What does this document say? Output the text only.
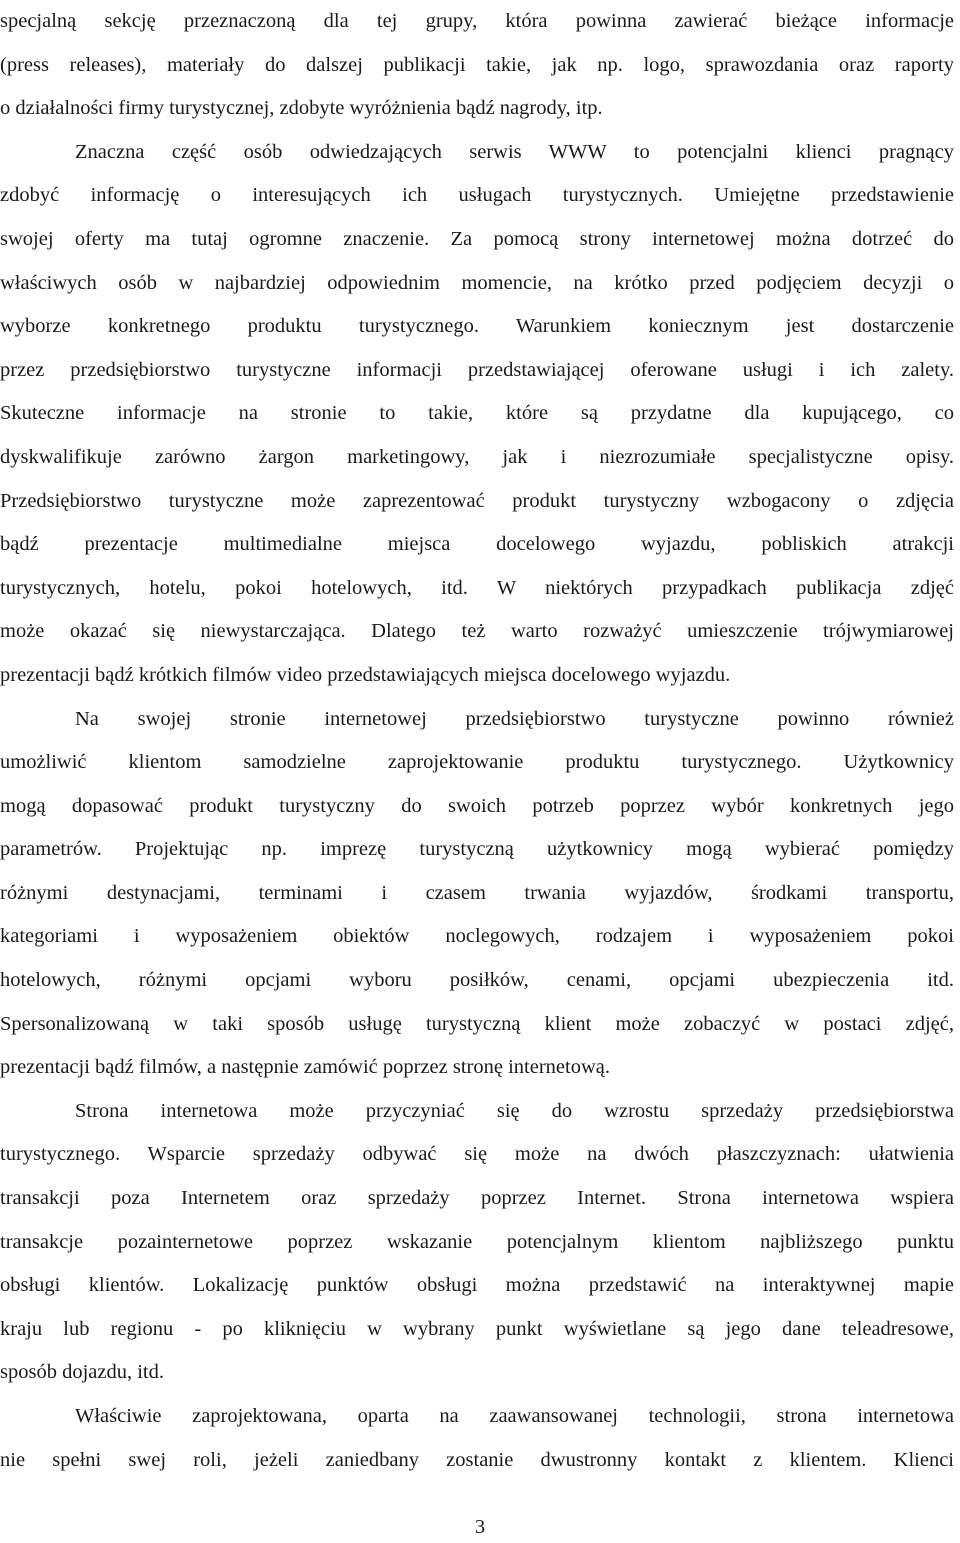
specjalną sekcję przeznaczoną dla tej grupy, która powinna zawierać bieżące informacje
(press releases), materiały do dalszej publikacji takie, jak np. logo, sprawozdania oraz raporty
o działalności firmy turystycznej, zdobyte wyróżnienia bądź nagrody, itp.
Znaczna część osób odwiedzających serwis WWW to potencjalni klienci pragnący
zdobyć informację o interesujących ich usługach turystycznych. Umiejętne przedstawienie
swojej oferty ma tutaj ogromne znaczenie. Za pomocą strony internetowej można dotrzeć do
właściwych osób w najbardziej odpowiednim momencie, na krótko przed podjęciem decyzji o
wyborze konkretnego produktu turystycznego. Warunkiem koniecznym jest dostarczenie
przez przedsiębiorstwo turystyczne informacji przedstawiającej oferowane usługi i ich zalety.
Skuteczne informacje na stronie to takie, które są przydatne dla kupującego, co
dyskwalifikuje zarówno żargon marketingowy, jak i niezrozumiałe specjalistyczne opisy.
Przedsiębiorstwo turystyczne może zaprezentować produkt turystyczny wzbogacony o zdjęcia
bądź prezentacje multimedialne miejsca docelowego wyjazdu, pobliskich atrakcji
turystycznych, hotelu, pokoi hotelowych, itd. W niektórych przypadkach publikacja zdjęć
może okazać się niewystarczająca. Dlatego też warto rozważyć umieszczenie trójwymiarowej
prezentacji bądź krótkich filmów video przedstawiających miejsca docelowego wyjazdu.
Na swojej stronie internetowej przedsiębiorstwo turystyczne powinno również
umożliwić klientom samodzielne zaprojektowanie produktu turystycznego. Użytkownicy
mogą dopasować produkt turystyczny do swoich potrzeb poprzez wybór konkretnych jego
parametrów. Projektując np. imprezę turystyczną użytkownicy mogą wybierać pomiędzy
różnymi destynacjami, terminami i czasem trwania wyjazdów, środkami transportu,
kategoriami i wyposażeniem obiektów noclegowych, rodzajem i wyposażeniem pokoi
hotelowych, różnymi opcjami wyboru posiłków, cenami, opcjami ubezpieczenia itd.
Spersonalizowaną w taki sposób usługę turystyczną klient może zobaczyć w postaci zdjęć,
prezentacji bądź filmów, a następnie zamówić poprzez stronę internetową.
Strona internetowa może przyczyniać się do wzrostu sprzedaży przedsiębiorstwa
turystycznego. Wsparcie sprzedaży odbywać się może na dwóch płaszczyznach: ułatwienia
transakcji poza Internetem oraz sprzedaży poprzez Internet. Strona internetowa wspiera
transakcje pozainternetowe poprzez wskazanie potencjalnym klientom najbliższego punktu
obsługi klientów. Lokalizację punktów obsługi można przedstawić na interaktywnej mapie
kraju lub regionu - po kliknięciu w wybrany punkt wyświetlane są jego dane teleadresowe,
sposób dojazdu, itd.
Właściwie zaprojektowana, oparta na zaawansowanej technologii, strona internetowa
nie spełni swej roli, jeżeli zaniedbany zostanie dwustronny kontakt z klientem. Klienci
3
